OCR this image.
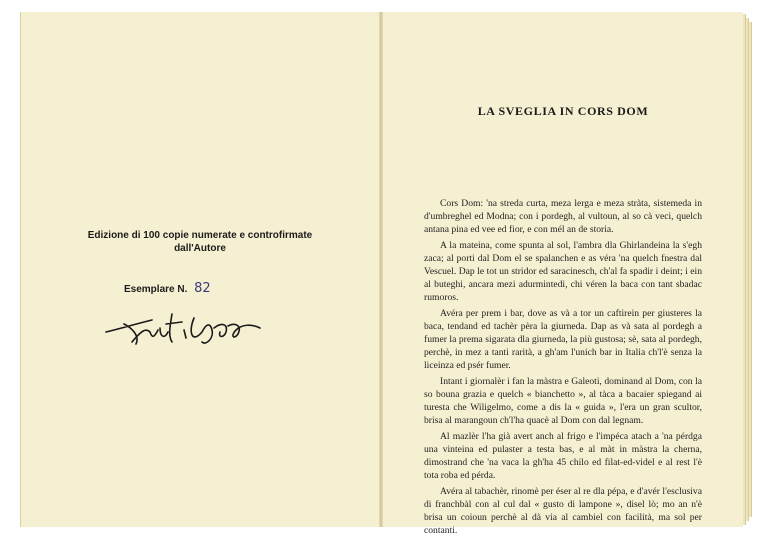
Edizione di 100 copie numerate e controfirmate
dall'Autore
Esemplare N. 82
LA SVEGLIA IN CORS DOM

Cors Dom: 'na streda curta, meza lerga e meza stràta, sistemeda in d'umbreghel ed Modna; con i pordegh, al vultoun, al so cà veci, quelch antana pina ed vee ed fior, e con mél an de storia.

A la mateina, come spunta al sol, l'ambra dla Ghirlandeina la s'egh zaca; al porti dal Dom el se spalanchen e as véra 'na quelch fnestra dal Vescuel. Dap le tot un stridor ed saracinesch, ch'al fa spadir i deint; i ein al buteghi, ancara mezi adurmintedi, chi véren la baca con tant sbadac rumoros.

Avéra per prem i bar, dove as và a tor un caftirein per giusteres la baca, tendand ed tachèr pèra la giurneda. Dap as và sata al pordegh a fumer la prema sigarata dla giurneda, la più gustosa; sè, sata al pordegh, perchè, in mez a tanti rarità, a gh'am l'unich bar in Italia ch'l'è senza la liceinza ed psér fumer.

Intant i giornalèr i fan la màstra e Galeoti, dominand al Dom, con la so bouna grazia e quelch « bianchetto », al tàca a bacaier spiegand ai turesta che Wiligelmo, come a dis la « guida », l'era un gran scultor, brisa al marangoun ch'l'ha quacè al Dom con dal legnam.

Al mazlèr l'ha già avert anch al frigo e l'impéca atach a 'na pérdga una vinteina ed pulaster a testa bas, e al màt in màstra la cherna, dimostrand che 'na vaca la gh'ha 45 chilo ed filat-ed-videl e al rest l'è tota roba ed pérda.

Avéra al tabachèr, rinomè per éser al re dla pépa, e d'avér l'esclusiva di franchbàl con al cul dal « gusto di lampone », disel lò; mo an n'è brisa un coioun perchè al dà via al cambiel con facilità, ma sol per contanti.
